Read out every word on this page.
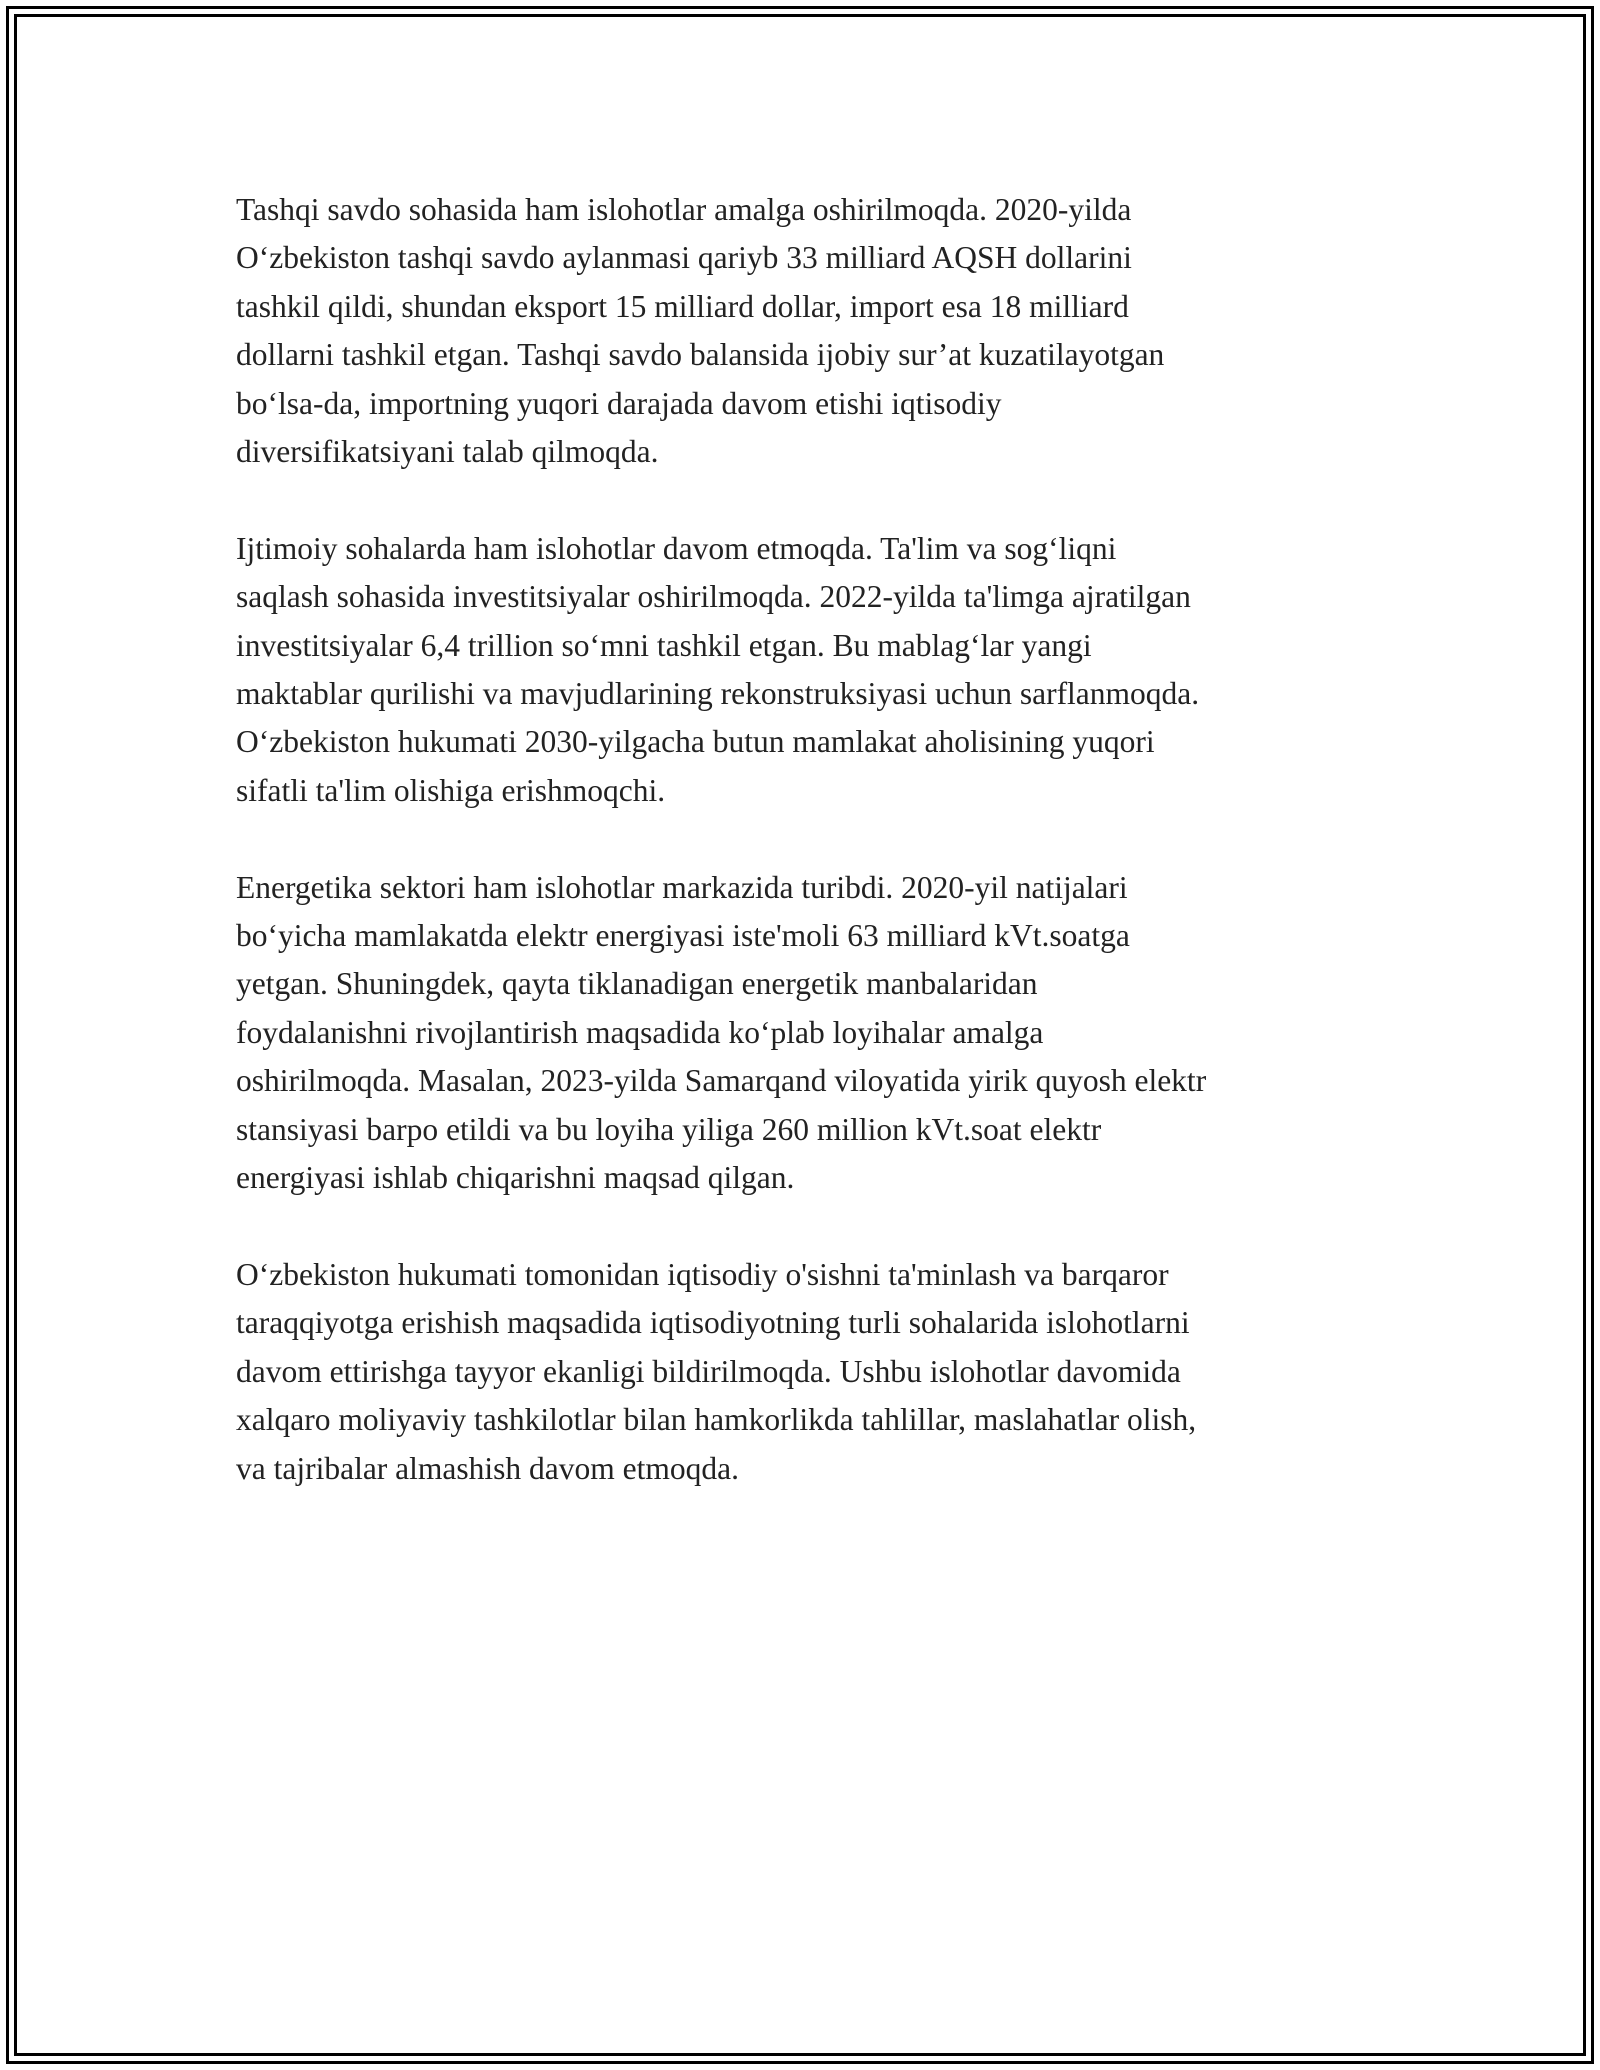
Tashqi savdo sohasida ham islohotlar amalga oshirilmoqda. 2020-yilda
O‘zbekiston tashqi savdo aylanmasi qariyb 33 milliard AQSH dollarini
tashkil qildi, shundan eksport 15 milliard dollar, import esa 18 milliard
dollarni tashkil etgan. Tashqi savdo balansida ijobiy sur’at kuzatilayotgan
bo‘lsa-da, importning yuqori darajada davom etishi iqtisodiy
diversifikatsiyani talab qilmoqda.

Ijtimoiy sohalarda ham islohotlar davom etmoqda. Ta'lim va sog‘liqni
saqlash sohasida investitsiyalar oshirilmoqda. 2022-yilda ta'limga ajratilgan
investitsiyalar 6,4 trillion so‘mni tashkil etgan. Bu mablag‘lar yangi
maktablar qurilishi va mavjudlarining rekonstruksiyasi uchun sarflanmoqda.
O‘zbekiston hukumati 2030-yilgacha butun mamlakat aholisining yuqori
sifatli ta'lim olishiga erishmoqchi.

Energetika sektori ham islohotlar markazida turibdi. 2020-yil natijalari
bo‘yicha mamlakatda elektr energiyasi iste'moli 63 milliard kVt.soatga
yetgan. Shuningdek, qayta tiklanadigan energetik manbalaridan
foydalanishni rivojlantirish maqsadida ko‘plab loyihalar amalga
oshirilmoqda. Masalan, 2023-yilda Samarqand viloyatida yirik quyosh elektr
stansiyasi barpo etildi va bu loyiha yiliga 260 million kVt.soat elektr
energiyasi ishlab chiqarishni maqsad qilgan.

O‘zbekiston hukumati tomonidan iqtisodiy o'sishni ta'minlash va barqaror
taraqqiyotga erishish maqsadida iqtisodiyotning turli sohalarida islohotlarni
davom ettirishga tayyor ekanligi bildirilmoqda. Ushbu islohotlar davomida
xalqaro moliyaviy tashkilotlar bilan hamkorlikda tahlillar, maslahatlar olish,
va tajribalar almashish davom etmoqda.
